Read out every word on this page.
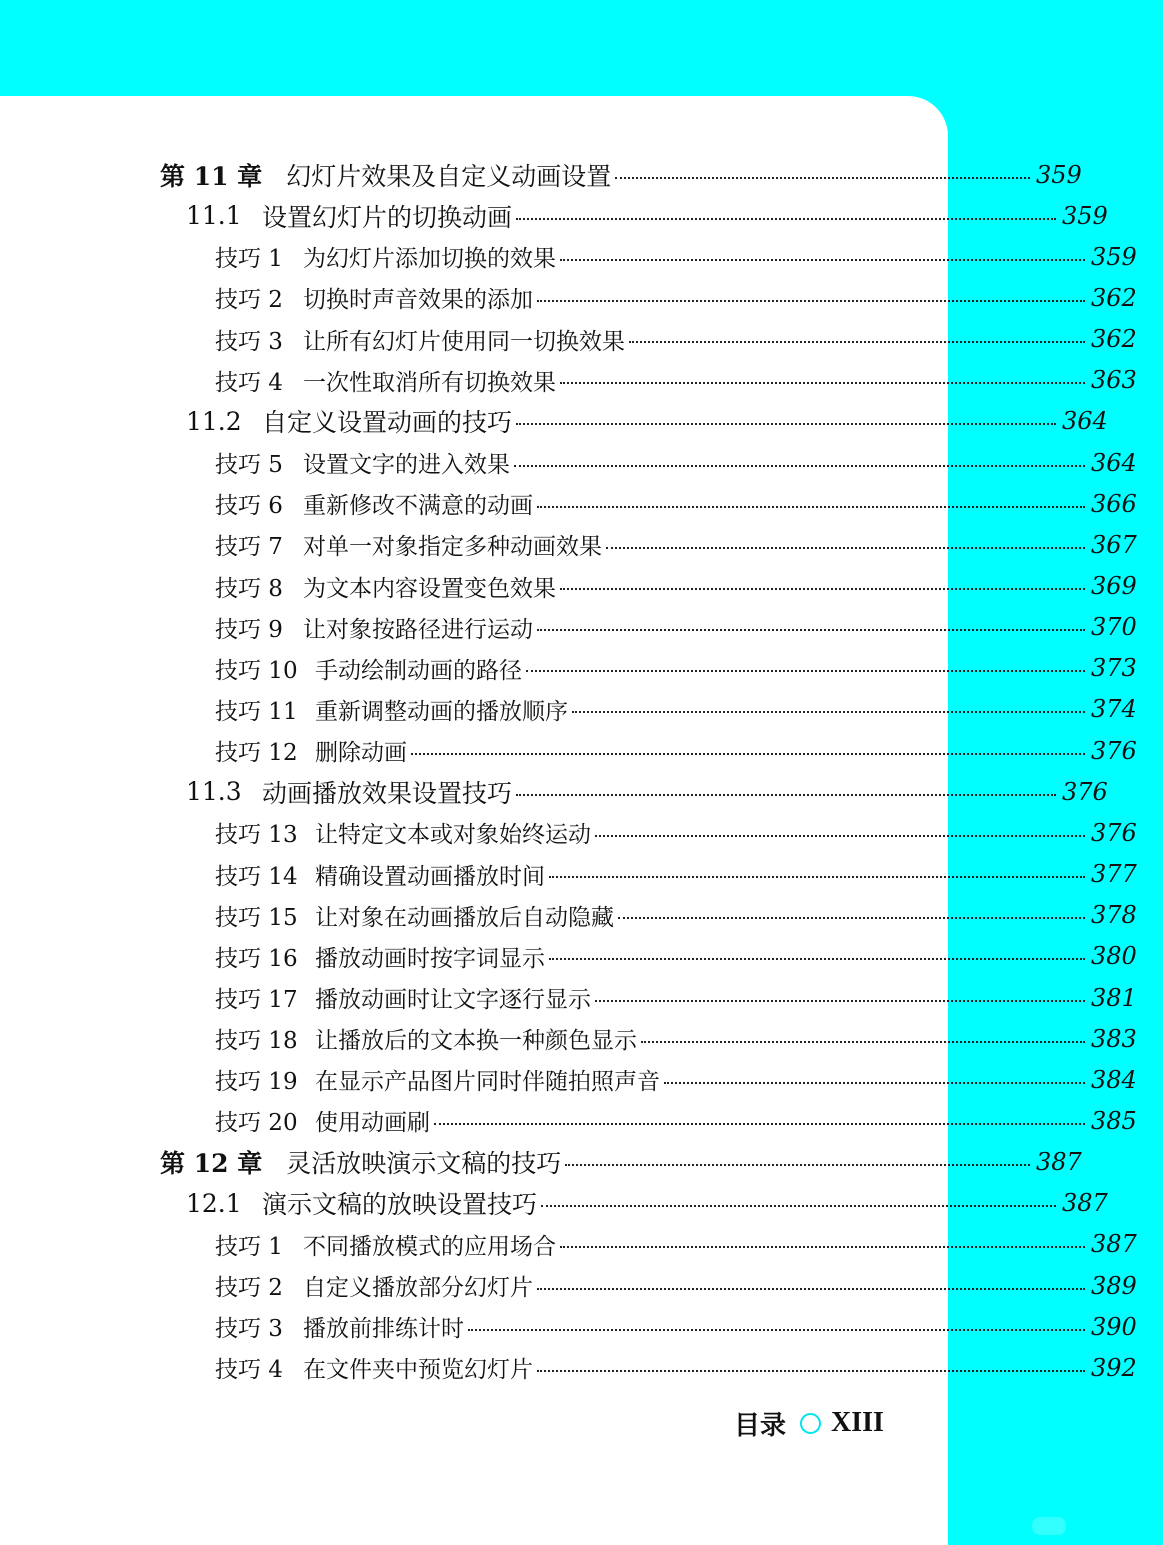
第 11 章 幻灯片效果及自定义动画设置	359
11.1 设置幻灯片的切换动画	359
技巧 1 为幻灯片添加切换的效果	359
技巧 2 切换时声音效果的添加	362
技巧 3 让所有幻灯片使用同一切换效果	362
技巧 4 一次性取消所有切换效果	363
11.2 自定义设置动画的技巧	364
技巧 5 设置文字的进入效果	364
技巧 6 重新修改不满意的动画	366
技巧 7 对单一对象指定多种动画效果	367
技巧 8 为文本内容设置变色效果	369
技巧 9 让对象按路径进行运动	370
技巧 10 手动绘制动画的路径	373
技巧 11 重新调整动画的播放顺序	374
技巧 12 删除动画	376
11.3 动画播放效果设置技巧	376
技巧 13 让特定文本或对象始终运动	376
技巧 14 精确设置动画播放时间	377
技巧 15 让对象在动画播放后自动隐藏	378
技巧 16 播放动画时按字词显示	380
技巧 17 播放动画时让文字逐行显示	381
技巧 18 让播放后的文本换一种颜色显示	383
技巧 19 在显示产品图片同时伴随拍照声音	384
技巧 20 使用动画刷	385
第 12 章 灵活放映演示文稿的技巧	387
12.1 演示文稿的放映设置技巧	387
技巧 1 不同播放模式的应用场合	387
技巧 2 自定义播放部分幻灯片	389
技巧 3 播放前排练计时	390
技巧 4 在文件夹中预览幻灯片	392
目录 XIII
